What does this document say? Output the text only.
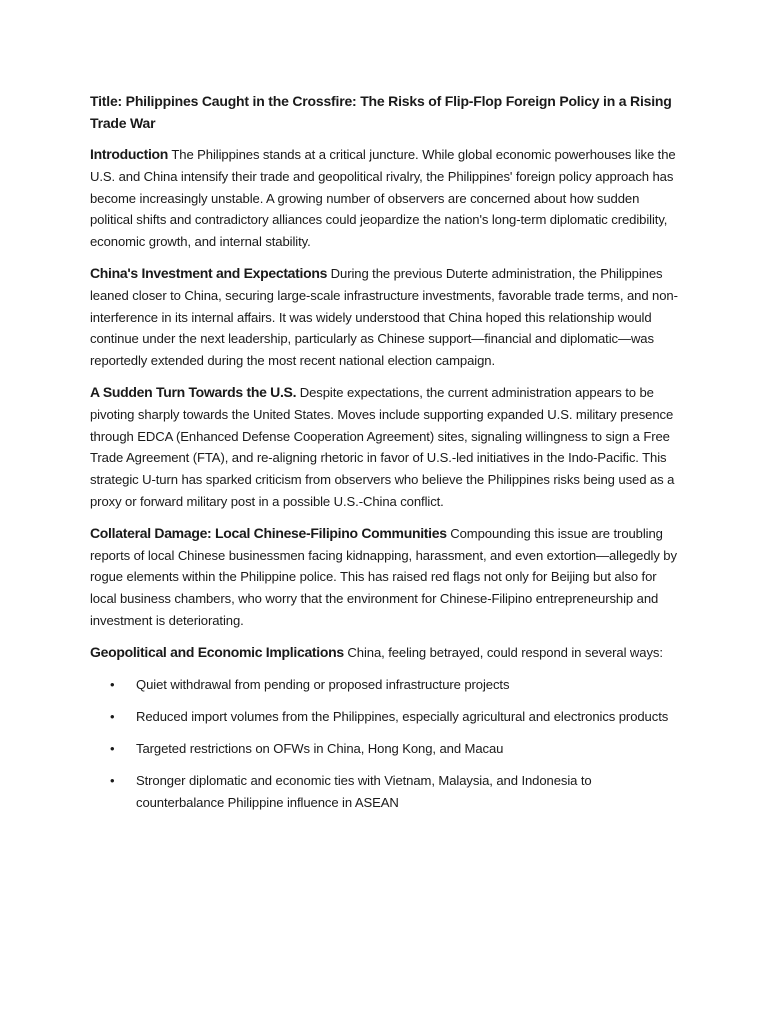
Title: Philippines Caught in the Crossfire: The Risks of Flip-Flop Foreign Policy in a Rising Trade War

Introduction The Philippines stands at a critical juncture. While global economic powerhouses like the U.S. and China intensify their trade and geopolitical rivalry, the Philippines' foreign policy approach has become increasingly unstable. A growing number of observers are concerned about how sudden political shifts and contradictory alliances could jeopardize the nation's long-term diplomatic credibility, economic growth, and internal stability.

China's Investment and Expectations During the previous Duterte administration, the Philippines leaned closer to China, securing large-scale infrastructure investments, favorable trade terms, and non-interference in its internal affairs. It was widely understood that China hoped this relationship would continue under the next leadership, particularly as Chinese support—financial and diplomatic—was reportedly extended during the most recent national election campaign.

A Sudden Turn Towards the U.S. Despite expectations, the current administration appears to be pivoting sharply towards the United States. Moves include supporting expanded U.S. military presence through EDCA (Enhanced Defense Cooperation Agreement) sites, signaling willingness to sign a Free Trade Agreement (FTA), and re-aligning rhetoric in favor of U.S.-led initiatives in the Indo-Pacific. This strategic U-turn has sparked criticism from observers who believe the Philippines risks being used as a proxy or forward military post in a possible U.S.-China conflict.

Collateral Damage: Local Chinese-Filipino Communities Compounding this issue are troubling reports of local Chinese businessmen facing kidnapping, harassment, and even extortion—allegedly by rogue elements within the Philippine police. This has raised red flags not only for Beijing but also for local business chambers, who worry that the environment for Chinese-Filipino entrepreneurship and investment is deteriorating.

Geopolitical and Economic Implications China, feeling betrayed, could respond in several ways:

• Quiet withdrawal from pending or proposed infrastructure projects
• Reduced import volumes from the Philippines, especially agricultural and electronics products
• Targeted restrictions on OFWs in China, Hong Kong, and Macau
• Stronger diplomatic and economic ties with Vietnam, Malaysia, and Indonesia to counterbalance Philippine influence in ASEAN
